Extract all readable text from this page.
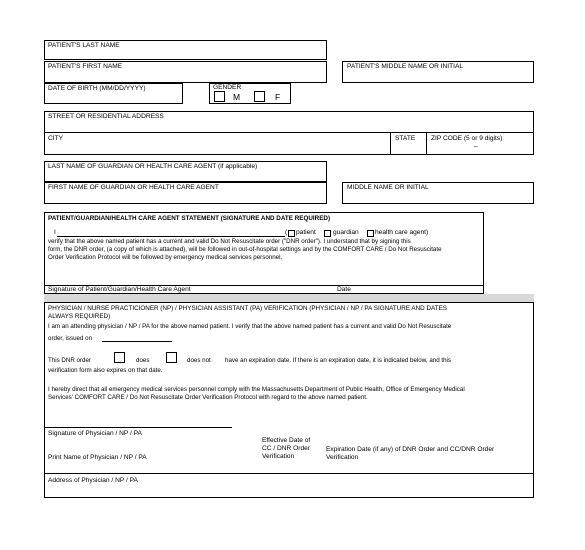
PATIENT'S LAST NAME
PATIENT'S FIRST NAME	PATIENT'S MIDDLE NAME OR INITIAL
DATE OF BIRTH (MM/DD/YYYY)	GENDER
M	F
STREET OR RESIDENTIAL ADDRESS
CITY	STATE ZIP CODE (5 or 9 digits)
–
LAST NAME OF GUARDIAN OR HEALTH CARE AGENT (if applicable)
FIRST NAME OF GUARDIAN OR HEALTH CARE AGENT	MIDDLE NAME OR INITIAL
PATIENT/GUARDIAN/HEALTH CARE AGENT STATEMENT (SIGNATURE AND DATE REQUIRED)
I	( patient	guardian health care agent)
verify that the above named patient has a current and valid Do Not Resuscitate order ("DNR order"). I understand that by signing this
form, the DNR order, (a copy of which is attached), will be followed in out-of-hospital settings and by the COMFORT CARE / Do Not Resuscitate
Order Verification Protocol will be followed by emergency medical services personnel.
Signature of Patient/Guardian/Health Care Agent	Date
PHYSICIAN / NURSE PRACTICIONER (NP) / PHYSICIAN ASSISTANT (PA) VERIFICATION (PHYSICIAN / NP / PA SIGNATURE AND DATES
ALWAYS REQUIRED)
I am an attending physician / NP / PA for the above named patient. I verify that the above named patient has a current and valid Do Not Resuscitate
order, issued on
This DNR order	does	does not have an expiration date. If there is an expiration date, it is indicated below, and this
verification form also expires on that date.
I hereby direct that all emergency medical services personnel comply with the Massachusetts Department of Public Health, Office of Emergency Medical
Services' COMFORT CARE / Do Not Resuscitate Order Verification Protocol with regard to the above named patient.
Signature of Physician / NP / PA
Print Name of Physician / NP / PA
Effective Date of
CC / DNR Order
Verification
Expiration Date (if any) of DNR Order and CC/DNR Order
Verification
Address of Physician / NP / PA
